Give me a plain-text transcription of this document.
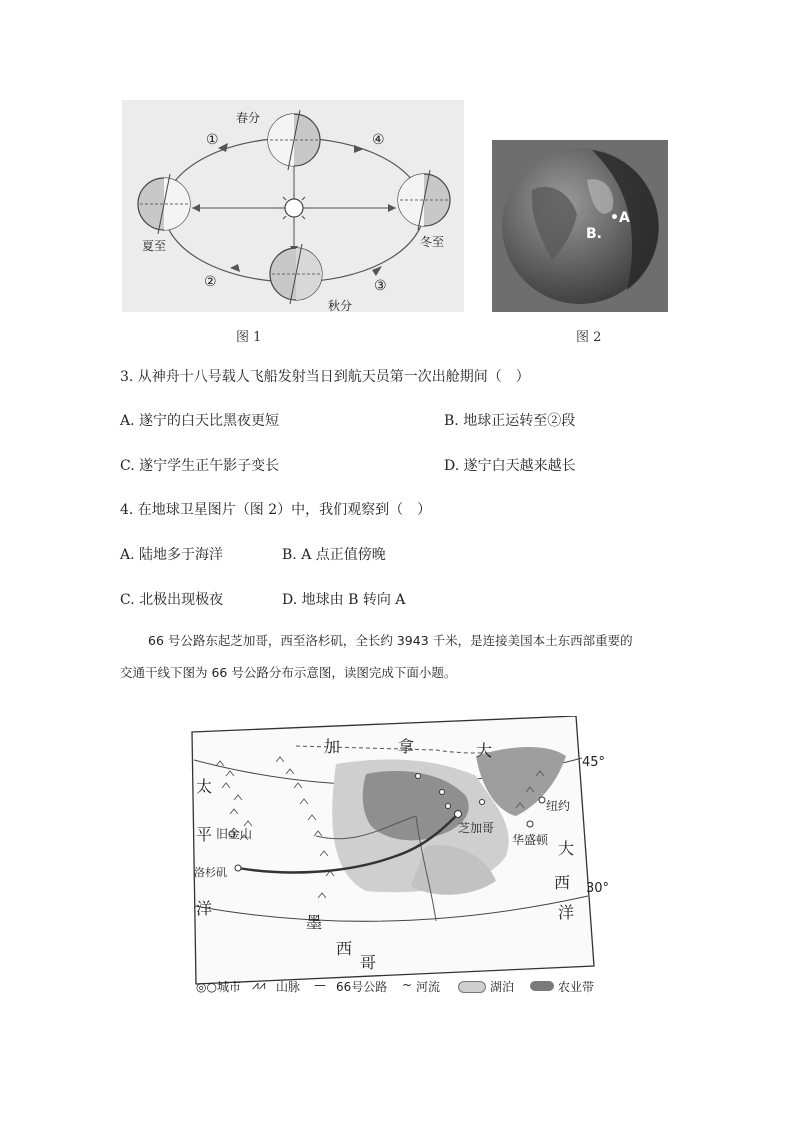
春分
夏至
秋分
冬至
①
②	③
④
图 1
B.
•A
图 2
3. 从神舟十八号载人飞船发射当日到航天员第一次出舱期间（　）
A. 遂宁的白天比黑夜更短	B. 地球正运转至②段
C. 遂宁学生正午影子变长	D. 遂宁白天越来越长
4. 在地球卫星图片（图 2）中，我们观察到（　）
A. 陆地多于海洋	B. A 点正值傍晚
C. 北极出现极夜	D. 地球由 B 转向 A
66 号公路东起芝加哥，西至洛杉矶，全长约 3943 千米，是连接美国本土东西部重要的
交通干线下图为 66 号公路分布示意图，读图完成下面小题。
加	拿	大
太
平
洋
大
西
洋
墨
西
哥
45°
30°
旧金山
洛杉矶
芝加哥
纽约
华盛顿
◎○城市 ⩘⩘ 山脉 — 66号公路 ~ 河流	湖泊	农业带
